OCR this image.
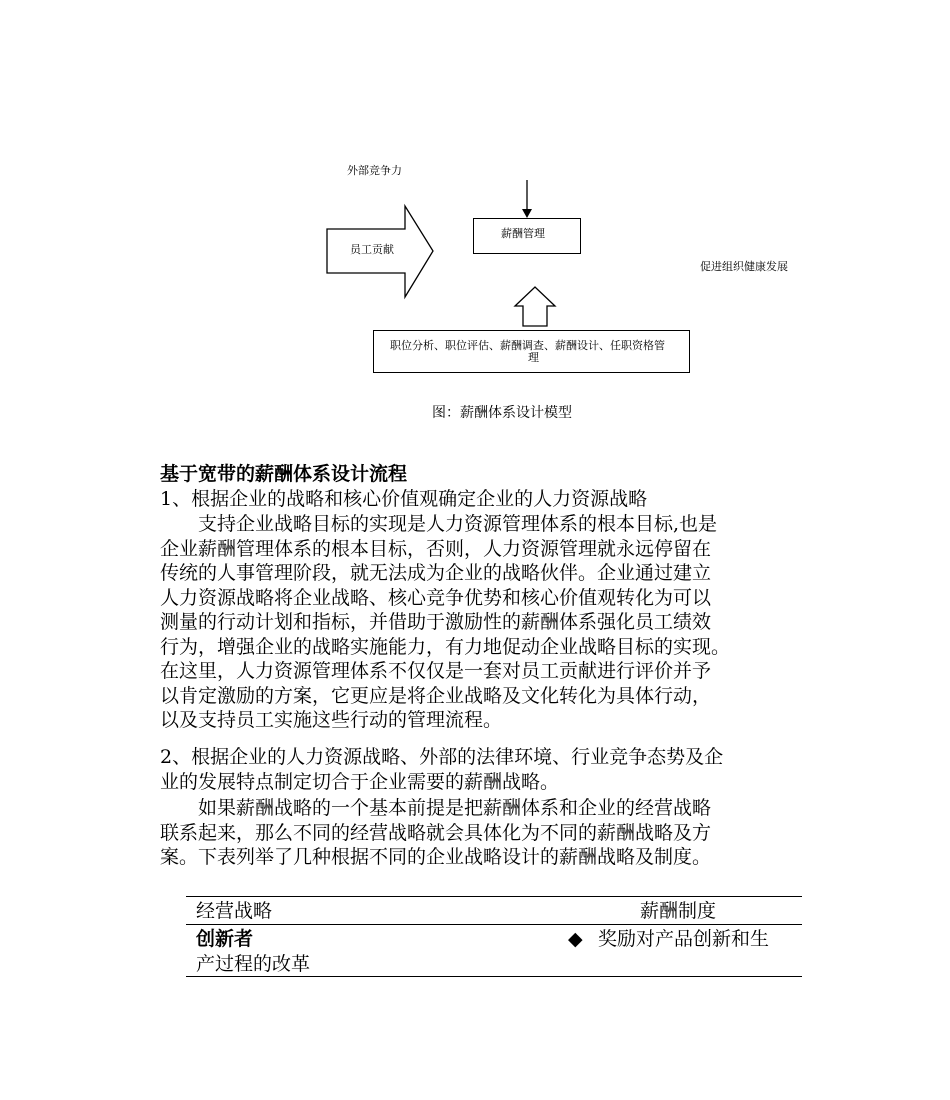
外部竞争力
员工贡献
薪酬管理
促进组织健康发展
职位分析、职位评估、薪酬调查、薪酬设计、任职资格管
理
图：薪酬体系设计模型
基于宽带的薪酬体系设计流程
1、根据企业的战略和核心价值观确定企业的人力资源战略
　　支持企业战略目标的实现是人力资源管理体系的根本目标,也是
企业薪酬管理体系的根本目标，否则，人力资源管理就永远停留在
传统的人事管理阶段，就无法成为企业的战略伙伴。企业通过建立
人力资源战略将企业战略、核心竞争优势和核心价值观转化为可以
测量的行动计划和指标，并借助于激励性的薪酬体系强化员工绩效
行为，增强企业的战略实施能力，有力地促动企业战略目标的实现。
在这里，人力资源管理体系不仅仅是一套对员工贡献进行评价并予
以肯定激励的方案，它更应是将企业战略及文化转化为具体行动，
以及支持员工实施这些行动的管理流程。
2、根据企业的人力资源战略、外部的法律环境、行业竞争态势及企
业的发展特点制定切合于企业需要的薪酬战略。
　　如果薪酬战略的一个基本前提是把薪酬体系和企业的经营战略
联系起来，那么不同的经营战略就会具体化为不同的薪酬战略及方
案。下表列举了几种根据不同的企业战略设计的薪酬战略及制度。
经营战略	薪酬制度
创新者	◆ 奖励对产品创新和生
产过程的改革
